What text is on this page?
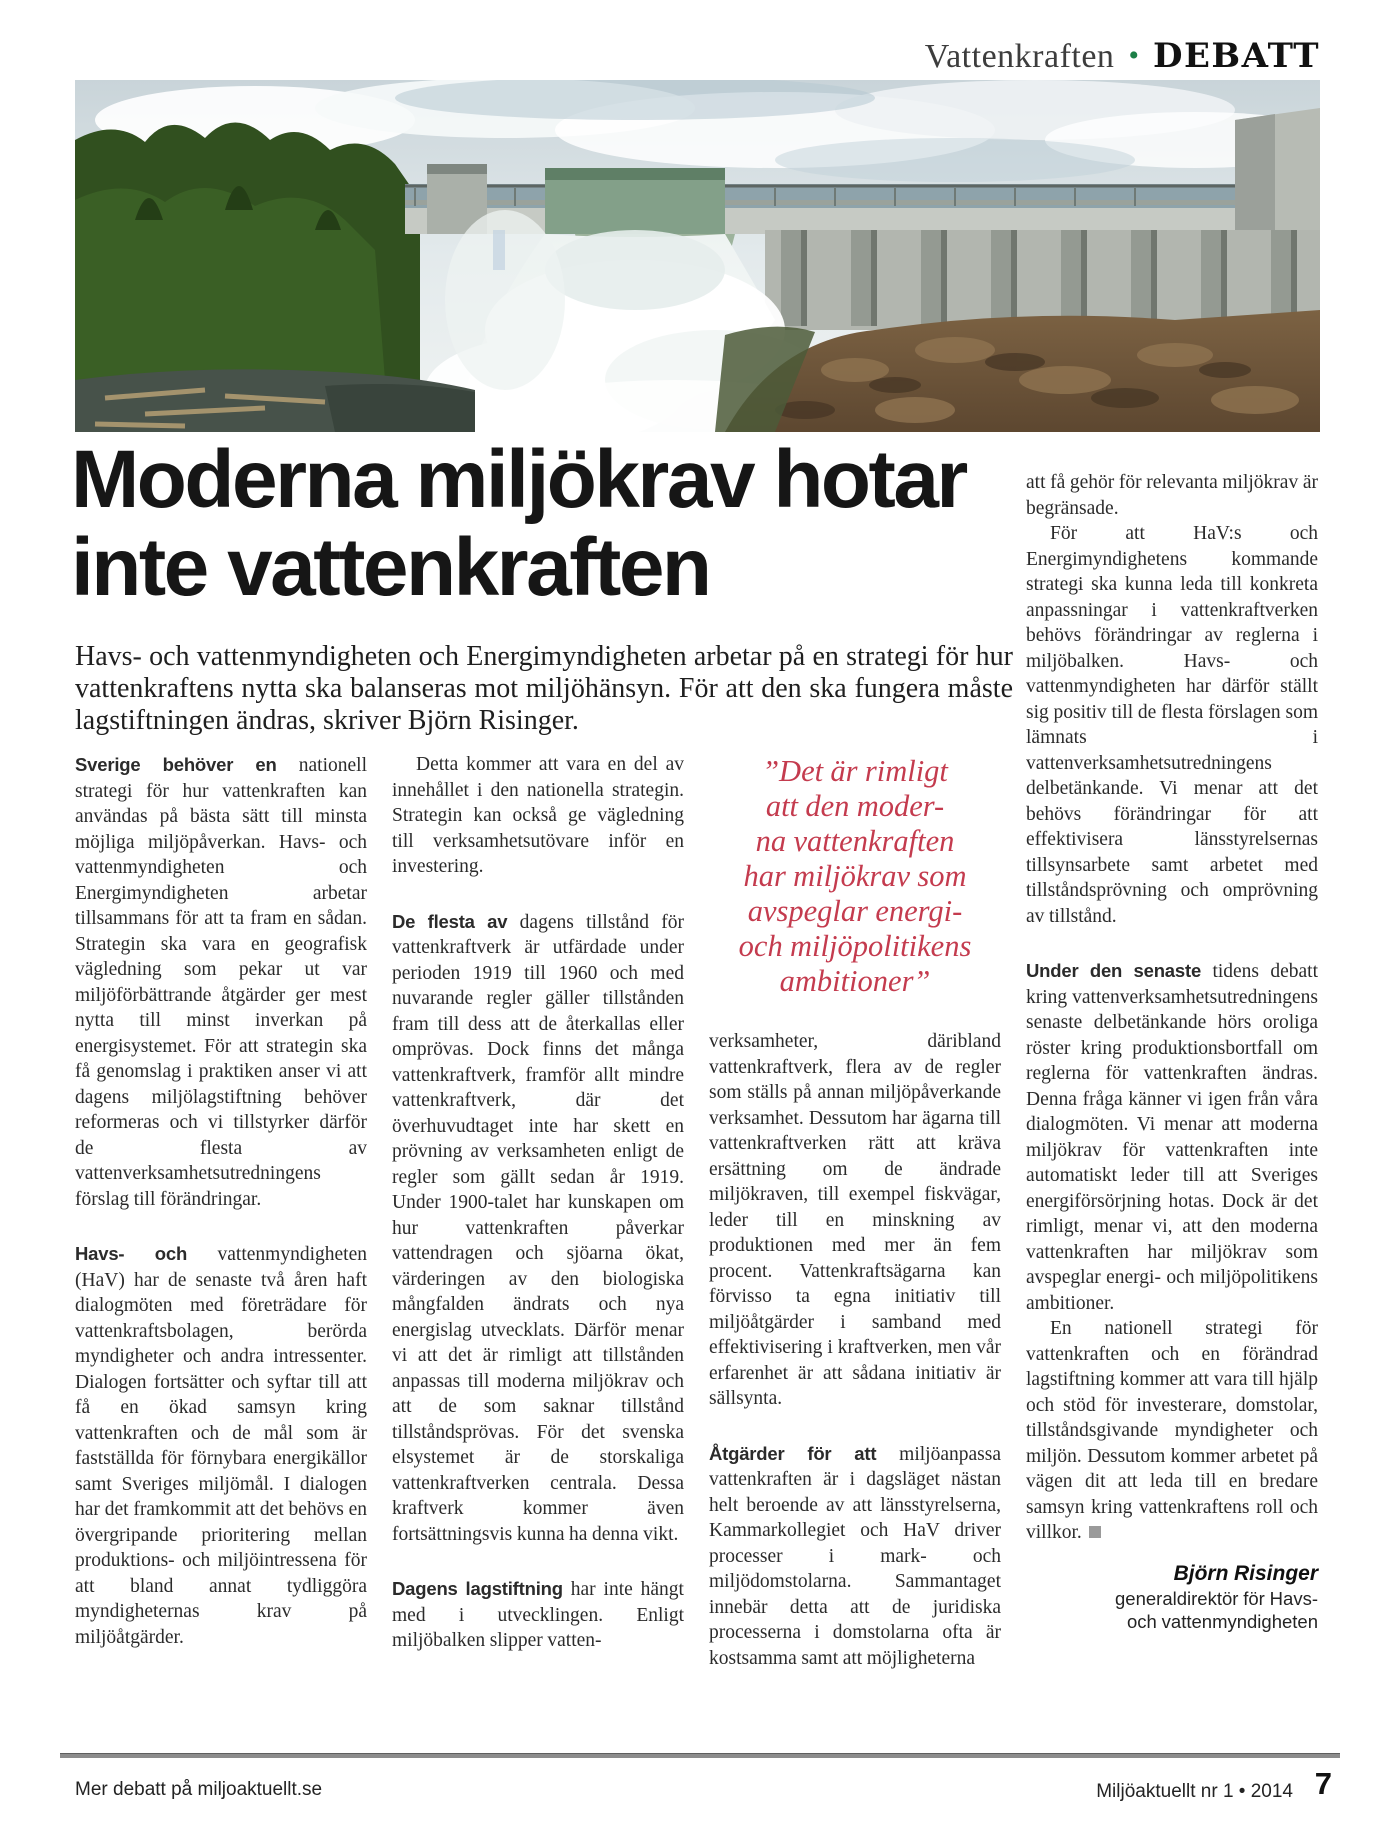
Vattenkraften • DEBATT
Moderna miljökrav hotar
inte vattenkraften
Havs- och vattenmyndigheten och Energimyndigheten arbetar på en strategi för hur vattenkraftens nytta ska balanseras mot miljöhänsyn. För att den ska fungera måste lagstiftningen ändras, skriver Björn Risinger.

Sverige behöver en nationell strategi för hur vattenkraften kan användas på bästa sätt till minsta möjliga miljöpåverkan. Havs- och vattenmyndigheten och Energimyndigheten arbetar tillsammans för att ta fram en sådan. Strategin ska vara en geografisk vägledning som pekar ut var miljöförbättrande åtgärder ger mest nytta till minst inverkan på energisystemet. För att strategin ska få genomslag i praktiken anser vi att dagens miljölagstiftning behöver reformeras och vi tillstyrker därför de flesta av vattenverksamhetsutredningens förslag till förändringar.

Havs- och vattenmyndigheten (HaV) har de senaste två åren haft dialogmöten med företrädare för vattenkraftsbolagen, berörda myndigheter och andra intressenter. Dialogen fortsätter och syftar till att få en ökad samsyn kring vattenkraften och de mål som är fastställda för förnybara energikällor samt Sveriges miljömål. I dialogen har det framkommit att det behövs en övergripande prioritering mellan produktions- och miljöintressena för att bland annat tydliggöra myndigheternas krav på miljöåtgärder.

Detta kommer att vara en del av innehållet i den nationella strategin. Strategin kan också ge vägledning till verksamhetsutövare inför en investering.

De flesta av dagens tillstånd för vattenkraftverk är utfärdade under perioden 1919 till 1960 och med nuvarande regler gäller tillstånden fram till dess att de återkallas eller omprövas. Dock finns det många vattenkraftverk, framför allt mindre vattenkraftverk, där det överhuvudtaget inte har skett en prövning av verksamheten enligt de regler som gällt sedan år 1919. Under 1900-talet har kunskapen om hur vattenkraften påverkar vattendragen och sjöarna ökat, värderingen av den biologiska mångfalden ändrats och nya energislag utvecklats. Därför menar vi att det är rimligt att tillstånden anpassas till moderna miljökrav och att de som saknar tillstånd tillståndsprövas. För det svenska elsystemet är de storskaliga vattenkraftverken centrala. Dessa kraftverk kommer även fortsättningsvis kunna ha denna vikt.

Dagens lagstiftning har inte hängt med i utvecklingen. Enligt miljöbalken slipper vatten-

”Det är rimligt
att den moder-
na vattenkraften
har miljökrav som
avspeglar energi-
och miljöpolitikens
ambitioner”

verksamheter, däribland vattenkraftverk, flera av de regler som ställs på annan miljöpåverkande verksamhet. Dessutom har ägarna till vattenkraftverken rätt att kräva ersättning om de ändrade miljökraven, till exempel fiskvägar, leder till en minskning av produktionen med mer än fem procent. Vattenkraftsägarna kan förvisso ta egna initiativ till miljöåtgärder i samband med effektivisering i kraftverken, men vår erfarenhet är att sådana initiativ är sällsynta.

Åtgärder för att miljöanpassa vattenkraften är i dagsläget nästan helt beroende av att länsstyrelserna, Kammarkollegiet och HaV driver processer i mark- och miljödomstolarna. Sammantaget innebär detta att de juridiska processerna i domstolarna ofta är kostsamma samt att möjligheterna

att få gehör för relevanta miljökrav är begränsade.

För att HaV:s och Energimyndighetens kommande strategi ska kunna leda till konkreta anpassningar i vattenkraftverken behövs förändringar av reglerna i miljöbalken. Havs- och vattenmyndigheten har därför ställt sig positiv till de flesta förslagen som lämnats i vattenverksamhetsutredningens delbetänkande. Vi menar att det behövs förändringar för att effektivisera länsstyrelsernas tillsynsarbete samt arbetet med tillståndsprövning och omprövning av tillstånd.

Under den senaste tidens debatt kring vattenverksamhetsutredningens senaste delbetänkande hörs oroliga röster kring produktionsbortfall om reglerna för vattenkraften ändras. Denna fråga känner vi igen från våra dialogmöten. Vi menar att moderna miljökrav för vattenkraften inte automatiskt leder till att Sveriges energiförsörjning hotas. Dock är det rimligt, menar vi, att den moderna vattenkraften har miljökrav som avspeglar energi- och miljöpolitikens ambitioner.

En nationell strategi för vattenkraften och en förändrad lagstiftning kommer att vara till hjälp och stöd för investerare, domstolar, tillståndsgivande myndigheter och miljön. Dessutom kommer arbetet på vägen dit att leda till en bredare samsyn kring vattenkraftens roll och villkor.

Björn Risinger
generaldirektör för Havs-
och vattenmyndigheten
Mer debatt på miljoaktuellt.se	Miljöaktuellt nr 1 • 2014 7
